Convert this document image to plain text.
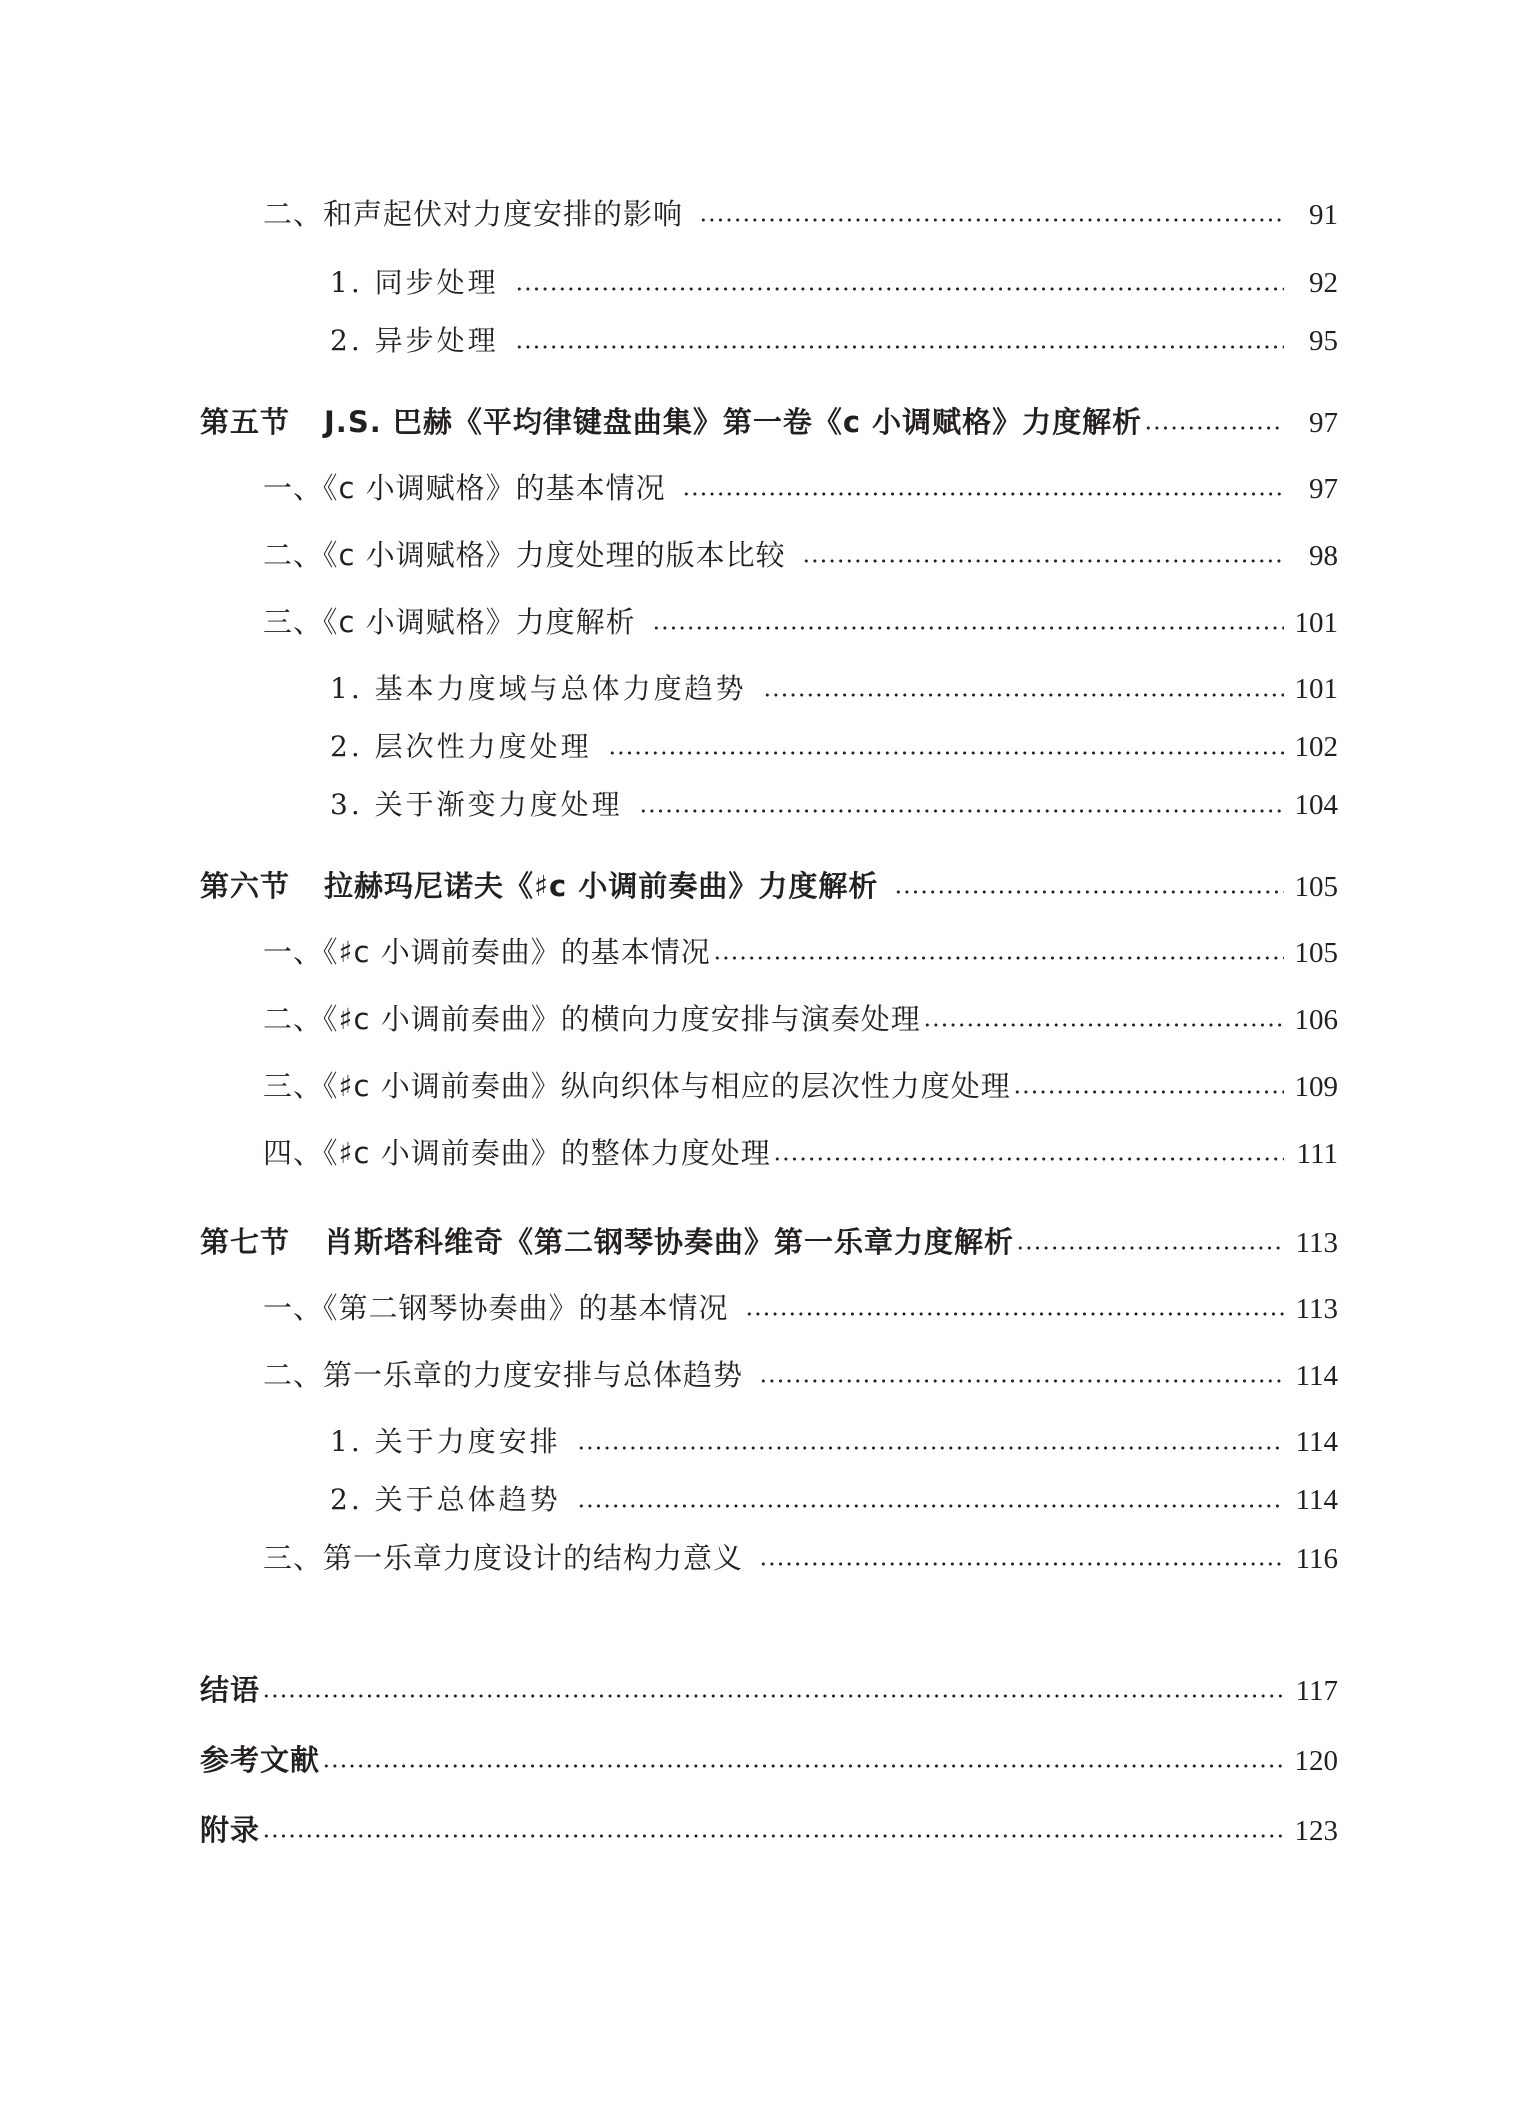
二、和声起伏对力度安排的影响	91
1. 同步处理	92
2. 异步处理	95
第五节 J.S. 巴赫《平均律键盘曲集》第一卷《c 小调赋格》力度解析	97
一、《c 小调赋格》的基本情况	97
二、《c 小调赋格》力度处理的版本比较	98
三、《c 小调赋格》力度解析	101
1. 基本力度域与总体力度趋势	101
2. 层次性力度处理	102
3. 关于渐变力度处理	104
第六节 拉赫玛尼诺夫《♯c 小调前奏曲》力度解析	105
一、《♯c 小调前奏曲》的基本情况	105
二、《♯c 小调前奏曲》的横向力度安排与演奏处理	106
三、《♯c 小调前奏曲》纵向织体与相应的层次性力度处理	109
四、《♯c 小调前奏曲》的整体力度处理	111
第七节 肖斯塔科维奇《第二钢琴协奏曲》第一乐章力度解析	113
一、《第二钢琴协奏曲》的基本情况	113
二、第一乐章的力度安排与总体趋势	114
1. 关于力度安排	114
2. 关于总体趋势	114
三、第一乐章力度设计的结构力意义	116
结语	117
参考文献	120
附录	123
